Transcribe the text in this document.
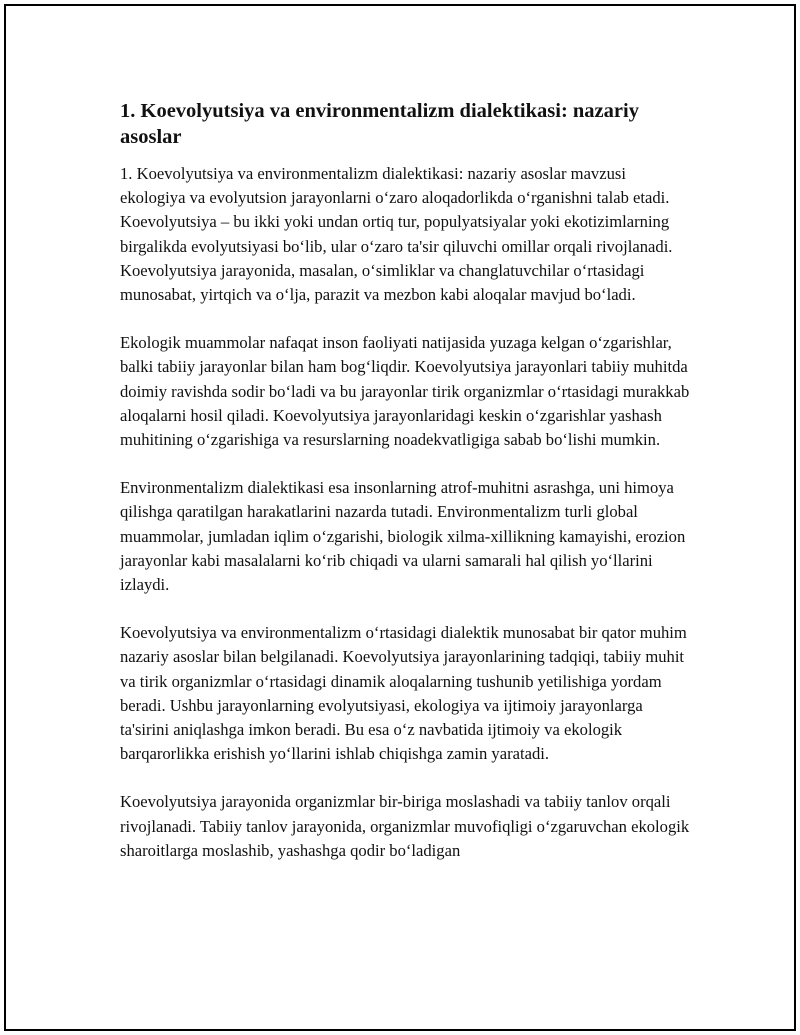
1. Koevolyutsiya va environmentalizm dialektikasi: nazariy asoslar

1. Koevolyutsiya va environmentalizm dialektikasi: nazariy asoslar mavzusi ekologiya va evolyutsion jarayonlarni o‘zaro aloqadorlikda o‘rganishni talab etadi. Koevolyutsiya – bu ikki yoki undan ortiq tur, populyatsiyalar yoki ekotizimlarning birgalikda evolyutsiyasi bo‘lib, ular o‘zaro ta'sir qiluvchi omillar orqali rivojlanadi. Koevolyutsiya jarayonida, masalan, o‘simliklar va changlatuvchilar o‘rtasidagi munosabat, yirtqich va o‘lja, parazit va mezbon kabi aloqalar mavjud bo‘ladi.

Ekologik muammolar nafaqat inson faoliyati natijasida yuzaga kelgan o‘zgarishlar, balki tabiiy jarayonlar bilan ham bog‘liqdir. Koevolyutsiya jarayonlari tabiiy muhitda doimiy ravishda sodir bo‘ladi va bu jarayonlar tirik organizmlar o‘rtasidagi murakkab aloqalarni hosil qiladi. Koevolyutsiya jarayonlaridagi keskin o‘zgarishlar yashash muhitining o‘zgarishiga va resurslarning noadekvatligiga sabab bo‘lishi mumkin.

Environmentalizm dialektikasi esa insonlarning atrof-muhitni asrashga, uni himoya qilishga qaratilgan harakatlarini nazarda tutadi. Environmentalizm turli global muammolar, jumladan iqlim o‘zgarishi, biologik xilma-xillikning kamayishi, erozion jarayonlar kabi masalalarni ko‘rib chiqadi va ularni samarali hal qilish yo‘llarini izlaydi.

Koevolyutsiya va environmentalizm o‘rtasidagi dialektik munosabat bir qator muhim nazariy asoslar bilan belgilanadi. Koevolyutsiya jarayonlarining tadqiqi, tabiiy muhit va tirik organizmlar o‘rtasidagi dinamik aloqalarning tushunib yetilishiga yordam beradi. Ushbu jarayonlarning evolyutsiyasi, ekologiya va ijtimoiy jarayonlarga ta'sirini aniqlashga imkon beradi. Bu esa o‘z navbatida ijtimoiy va ekologik barqarorlikka erishish yo‘llarini ishlab chiqishga zamin yaratadi.

Koevolyutsiya jarayonida organizmlar bir-biriga moslashadi va tabiiy tanlov orqali rivojlanadi. Tabiiy tanlov jarayonida, organizmlar muvofiqligi o‘zgaruvchan ekologik sharoitlarga moslashib, yashashga qodir bo‘ladigan
